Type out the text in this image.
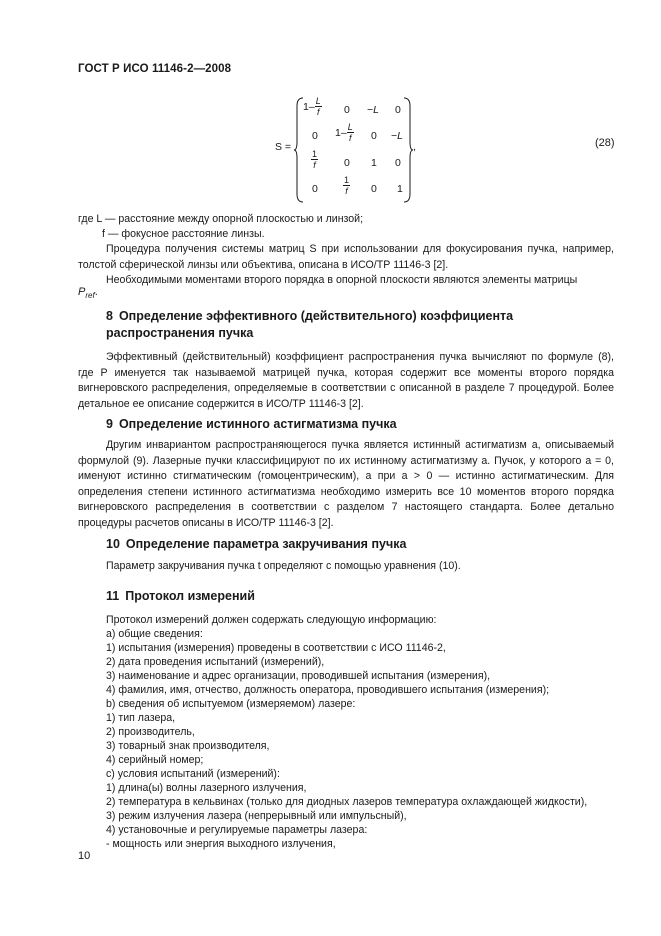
ГОСТ Р ИСО 11146-2—2008
S =	,
$1- \frac{L}{f} 0 -L$ 0
0 $1- \frac{L}{f} 0 -L$
$\frac{1}{f} 0$ 1 0
0	$\frac{1}{f} 0$ 1
(28)

где L — расстояние между опорной плоскостью и линзой;

f — фокусное расстояние линзы.

Процедура получения системы матриц S при использовании для фокусирования пучка, например, толстой сферической линзы или объектива, описана в ИСО/ТР 11146-3 [2].

Необходимыми моментами второго порядка в опорной плоскости являются элементы матрицы

$P_{ref}$.
8 Определение эффективного (действительного) коэффициента распространения пучка

Эффективный (действительный) коэффициент распространения пучка вычисляют по формуле (8), где P именуется так называемой матрицей пучка, которая содержит все моменты второго порядка вигнеровского распределения, определяемые в соответствии с описанной в разделе 7 процедурой. Более детальное ее описание содержится в ИСО/ТР 11146-3 [2].

9 Определение истинного астигматизма пучка

Другим инвариантом распространяющегося пучка является истинный астигматизм a, описываемый формулой (9). Лазерные пучки классифицируют по их истинному астигматизму a. Пучок, у которого a = 0, именуют истинно стигматическим (гомоцентрическим), а при a > 0 — истинно астигматическим. Для определения степени истинного астигматизма необходимо измерить все 10 моментов второго порядка вигнеровского распределения в соответствии с разделом 7 настоящего стандарта. Более детально процедуры расчетов описаны в ИСО/ТР 11146-3 [2].

10 Определение параметра закручивания пучка

Параметр закручивания пучка t определяют с помощью уравнения (10).

11 Протокол измерений
Протокол измерений должен содержать следующую информацию:
а) общие сведения:
1) испытания (измерения) проведены в соответствии с ИСО 11146-2,
2) дата проведения испытаний (измерений),
3) наименование и адрес организации, проводившей испытания (измерения),
4) фамилия, имя, отчество, должность оператора, проводившего испытания (измерения);
b) сведения об испытуемом (измеряемом) лазере:
1) тип лазера,
2) производитель,
3) товарный знак производителя,
4) серийный номер;
c) условия испытаний (измерений):
1) длина(ы) волны лазерного излучения,
2) температура в кельвинах (только для диодных лазеров температура охлаждающей жидкости),
3) режим излучения лазера (непрерывный или импульсный),
4) установочные и регулируемые параметры лазера:
- мощность или энергия выходного излучения,
10
